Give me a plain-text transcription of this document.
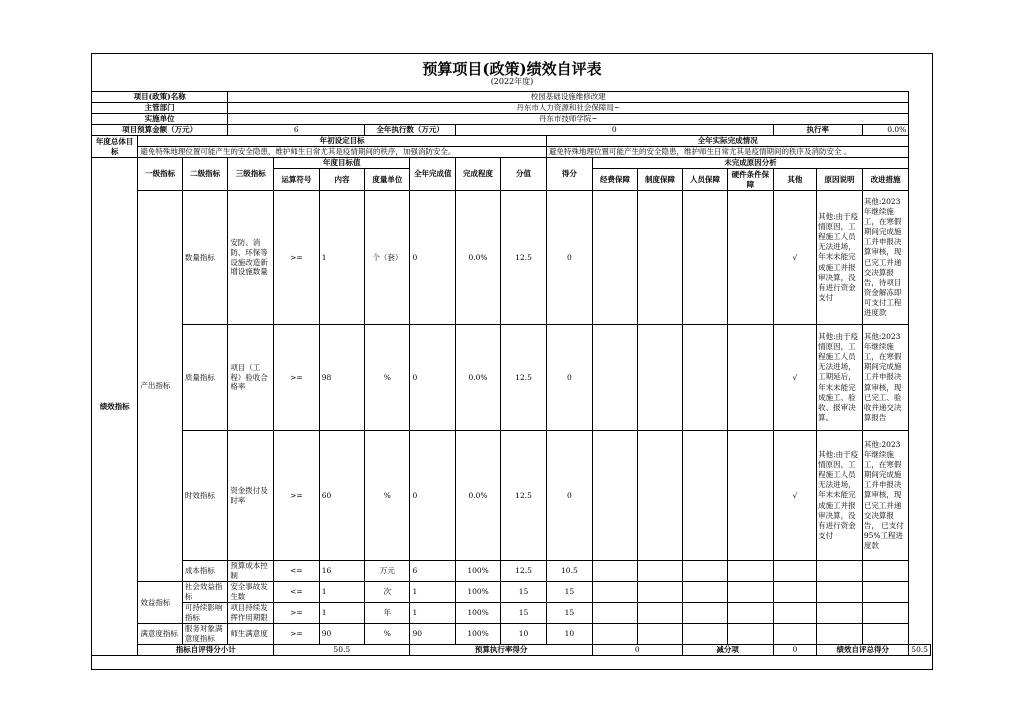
预算项目(政策)绩效自评表
(2022年度)
项目(政策)名称			校园基础设施维修改建															
主管部门			丹东市人力资源和社会保障局~															
实施单位			丹东市技师学院~															
项目预算金额（万元）			6			全年执行数（万元）		0							执行率		0.0%	
年度总体目标	年初设定目标									全年实际完成情况								
	避免特殊地理位置可能产生的安全隐患，维护师生日常尤其是疫情期间的秩序，加强消防安全。									避免特殊地理位置可能产生的安全隐患，维护师生日常尤其是疫情期间的秩序及消防安全 。								
绩效指标	一级指标	二级指标	三级指标	年度目标值			全年完成值	完成程度	分值	得分	未完成原因分析							
				运算符号	内容	度量单位					经费保障	制度保障	人员保障	硬件条件保障	其他	原因说明	改进措施	
	产出指标	数量指标	安防、消防、环保等设施改造新增设施数量	>=	1	个（套）	0	0.0%	12.5	0					√	其他:由于疫情原因，工程施工人员无法进场，年末未能完成施工并报审决算，没有进行资金支付	其他:2023年继续施工，在寒假期间完成施工并申报决算审核，现已完工并递交决算报告，待项目资金解冻即可支付工程进度款	
		质量指标	项目（工程）验收合格率	>=	98	%	0	0.0%	12.5	0					√	其他:由于疫情原因，工程施工人员无法进场，工期延后，年末未能完成施工、验收、报审决算。	其他:2023年继续施工，在寒假期间完成施工并申报决算审核，现已完工、验收并递交决算报告	
		时效指标	资金拨付及时率	>=	60	%	0	0.0%	12.5	0					√	其他:由于疫情原因，工程施工人员无法进场，年末未能完成施工并报审决算，没有进行资金支付	其他:2023年继续施工，在寒假期间完成施工并申报决算审核，现已完工并递交决算报告， 已支付95%工程进度款	
		成本指标	预算成本控制	<=	16	万元	6	100%	12.5	10.5								
	效益指标	社会效益指标	安全事故发生数	<=	1	次	1	100%	15	15								
		可持续影响指标	项目持续发挥作用期限	>=	1	年	1	100%	15	15								
	满意度指标	服务对象满意度指标	师生满意度	>=	90	%	90	100%	10	10								
	指标自评得分小计			50.5			预算执行率得分				0		减分项		0	绩效自评总得分		50.5
